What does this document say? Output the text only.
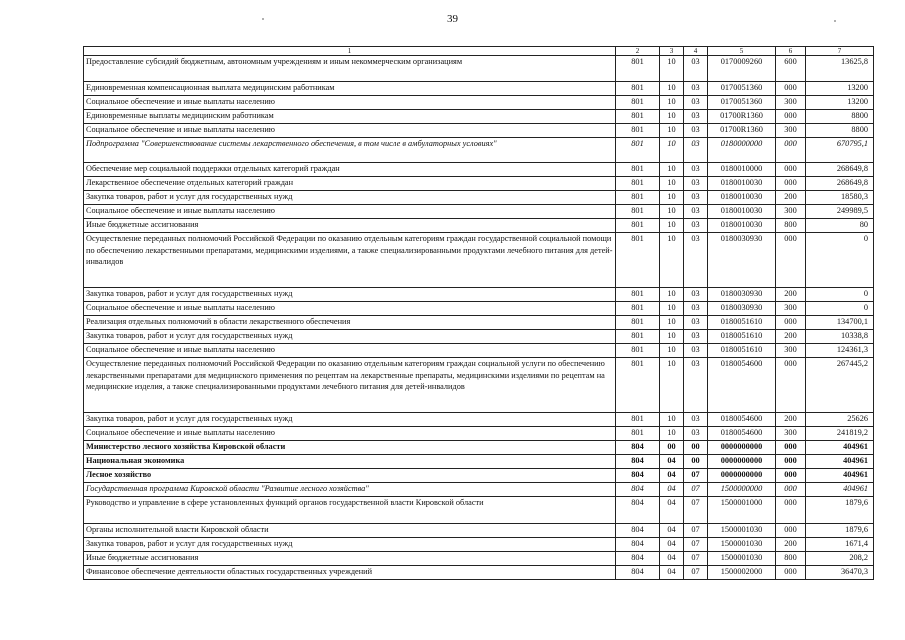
39
1	2	3	4	5	6	7
Предоставление субсидий бюджетным, автономным учреждениям и иным некоммерческим организациям	801	10	03	0170009260	600	13625,8
Единовременная компенсационная выплата медицинским работникам	801	10	03	0170051360	000	13200
Социальное обеспечение и иные выплаты населению	801	10	03	0170051360	300	13200
Единовременные выплаты медицинским работникам	801	10	03	01700R1360	000	8800
Социальное обеспечение и иные выплаты населению	801	10	03	01700R1360	300	8800
Подпрограмма "Совершенствование системы лекарственного обеспечения, в том числе в амбулаторных условиях"	801	10	03	0180000000	000	670795,1
Обеспечение мер социальной поддержки отдельных категорий граждан	801	10	03	0180010000	000	268649,8
Лекарственное обеспечение отдельных категорий граждан	801	10	03	0180010030	000	268649,8
Закупка товаров, работ и услуг для государственных нужд	801	10	03	0180010030	200	18580,3
Социальное обеспечение и иные выплаты населению	801	10	03	0180010030	300	249989,5
Иные бюджетные ассигнования	801	10	03	0180010030	800	80
Осуществление переданных полномочий Российской Федерации по оказанию отдельным категориям граждан государственной социальной помощи по обеспечению лекарственными препаратами, медицинскими изделиями, а также специализированными продуктами лечебного питания для детей-инвалидов	801	10	03	0180030930	000	0
Закупка товаров, работ и услуг для государственных нужд	801	10	03	0180030930	200	0
Социальное обеспечение и иные выплаты населению	801	10	03	0180030930	300	0
Реализация отдельных полномочий в области лекарственного обеспечения	801	10	03	0180051610	000	134700,1
Закупка товаров, работ и услуг для государственных нужд	801	10	03	0180051610	200	10338,8
Социальное обеспечение и иные выплаты населению	801	10	03	0180051610	300	124361,3
Осуществление переданных полномочий Российской Федерации по оказанию отдельным категориям граждан социальной услуги по обеспечению лекарственными препаратами для медицинского применения по рецептам на лекарственные препараты, медицинскими изделиями по рецептам на медицинские изделия, а также специализированными продуктами лечебного питания для детей-инвалидов	801	10	03	0180054600	000	267445,2
Закупка товаров, работ и услуг для государственных нужд	801	10	03	0180054600	200	25626
Социальное обеспечение и иные выплаты населению	801	10	03	0180054600	300	241819,2
Министерство лесного хозяйства Кировской области	804	00	00	0000000000	000	404961
Национальная экономика	804	04	00	0000000000	000	404961
Лесное хозяйство	804	04	07	0000000000	000	404961
Государственная программа Кировской области "Развитие лесного хозяйства"	804	04	07	1500000000	000	404961
Руководство и управление в сфере установленных функций органов государственной власти Кировской области	804	04	07	1500001000	000	1879,6
Органы исполнительной власти Кировской области	804	04	07	1500001030	000	1879,6
Закупка товаров, работ и услуг для государственных нужд	804	04	07	1500001030	200	1671,4
Иные бюджетные ассигнования	804	04	07	1500001030	800	208,2
Финансовое обеспечение деятельности областных государственных учреждений	804	04	07	1500002000	000	36470,3
